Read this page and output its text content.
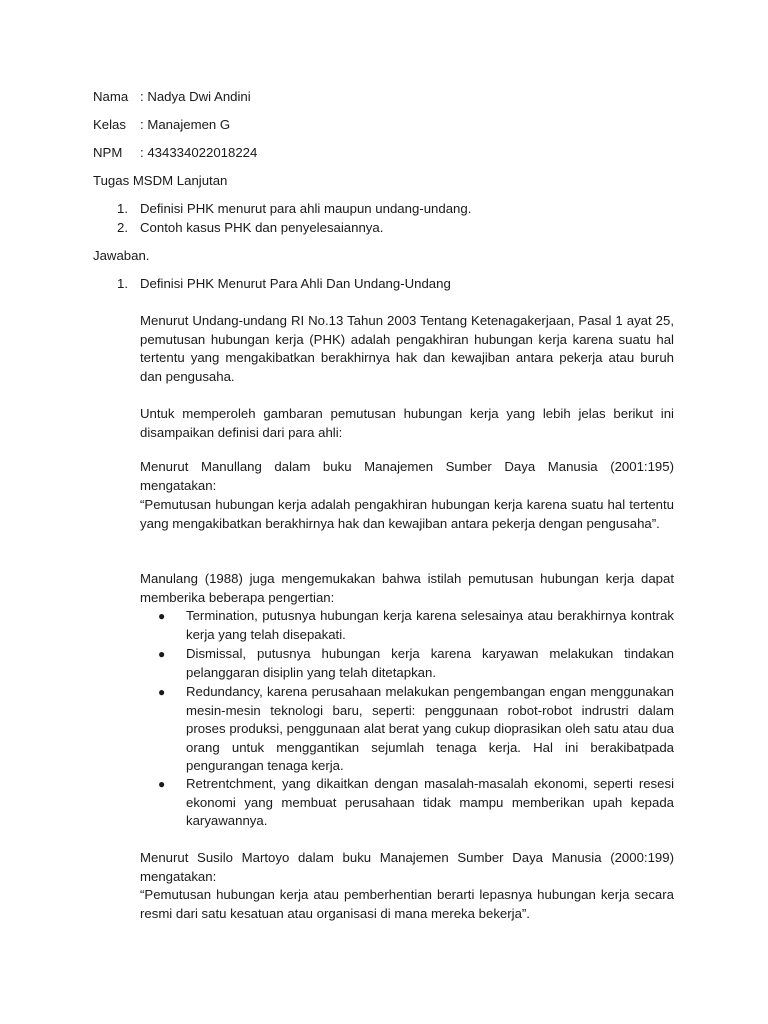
Nama : Nadya Dwi Andini
Kelas : Manajemen G
NPM : 434334022018224
Tugas MSDM Lanjutan
1. Definisi PHK menurut para ahli maupun undang-undang.
2. Contoh kasus PHK dan penyelesaiannya.
Jawaban.
1. Definisi PHK Menurut Para Ahli Dan Undang-Undang
Menurut Undang-undang RI No.13 Tahun 2003 Tentang Ketenagakerjaan, Pasal 1 ayat 25, pemutusan hubungan kerja (PHK) adalah pengakhiran hubungan kerja karena suatu hal tertentu yang mengakibatkan berakhirnya hak dan kewajiban antara pekerja atau buruh dan pengusaha.
Untuk memperoleh gambaran pemutusan hubungan kerja yang lebih jelas berikut ini disampaikan definisi dari para ahli:
Menurut Manullang dalam buku Manajemen Sumber Daya Manusia (2001:195) mengatakan:
“Pemutusan hubungan kerja adalah pengakhiran hubungan kerja karena suatu hal tertentu yang mengakibatkan berakhirnya hak dan kewajiban antara pekerja dengan pengusaha”.
Manulang (1988) juga mengemukakan bahwa istilah pemutusan hubungan kerja dapat memberika beberapa pengertian:
● Termination, putusnya hubungan kerja karena selesainya atau berakhirnya kontrak kerja yang telah disepakati.
● Dismissal, putusnya hubungan kerja karena karyawan melakukan tindakan pelanggaran disiplin yang telah ditetapkan.
● Redundancy, karena perusahaan melakukan pengembangan engan menggunakan mesin-mesin teknologi baru, seperti: penggunaan robot-robot indrustri dalam proses produksi, penggunaan alat berat yang cukup dioprasikan oleh satu atau dua orang untuk menggantikan sejumlah tenaga kerja. Hal ini berakibatpada pengurangan tenaga kerja.
● Retrentchment, yang dikaitkan dengan masalah-masalah ekonomi, seperti resesi ekonomi yang membuat perusahaan tidak mampu memberikan upah kepada karyawannya.
Menurut Susilo Martoyo dalam buku Manajemen Sumber Daya Manusia (2000:199) mengatakan:
“Pemutusan hubungan kerja atau pemberhentian berarti lepasnya hubungan kerja secara resmi dari satu kesatuan atau organisasi di mana mereka bekerja”.
